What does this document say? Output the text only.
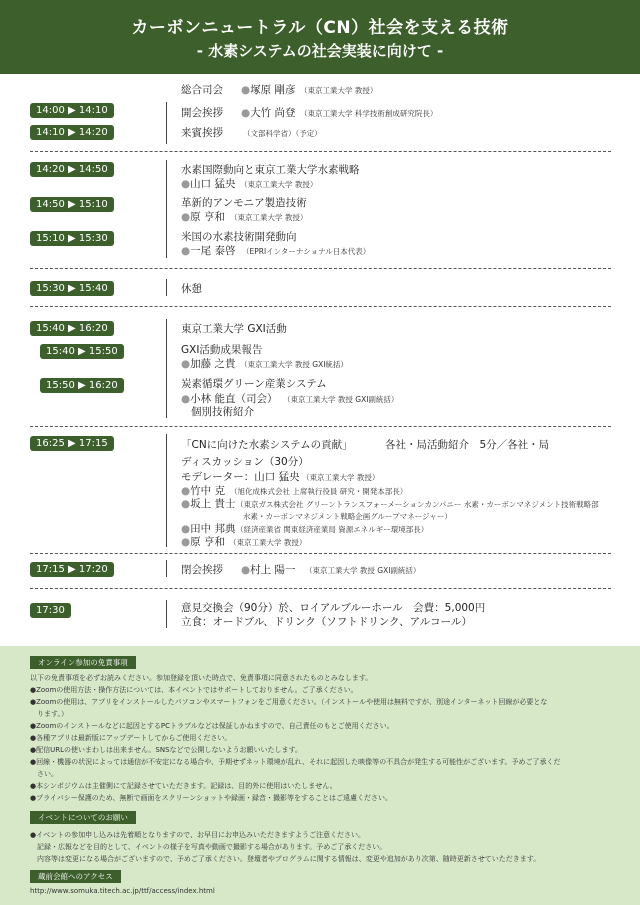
カーボンニュートラル（CN）社会を支える技術
- 水素システムの社会実装に向けて -
総合司会 ●塚原 剛彦 （東京工業大学 教授）
14:00 ▶ 14:10	開会挨拶 ●大竹 尚登 （東京工業大学 科学技術創成研究院長）
14:10 ▶ 14:20	来賓挨拶	（文部科学省）（予定）
14:20 ▶ 14:50	水素国際動向と東京工業大学水素戦略
●山口 猛央 （東京工業大学 教授）
14:50 ▶ 15:10	革新的アンモニア製造技術
●原 亨和 （東京工業大学 教授）
15:10 ▶ 15:30	米国の水素技術開発動向
●一尾 泰啓 （EPRIインターナショナル日本代表）
15:30 ▶ 15:40	休憩
15:40 ▶ 16:20	東京工業大学 GXI活動
15:40 ▶ 15:50	GXI活動成果報告
●加藤 之貴 （東京工業大学 教授 GXI統括）
15:50 ▶ 16:20	炭素循環グリーン産業システム
●小林 能直（司会） （東京工業大学 教授 GXI副統括）
個別技術紹介
16:25 ▶ 17:15	「CNに向けた水素システムの貢献」	各社・局活動紹介　5分／各社・局
ディスカッション（30分）
モデレーター：山口 猛央 （東京工業大学 教授）
●竹中 克 （旭化成株式会社 上席執行役員 研究・開発本部長）
●坂上 貴士 （東京ガス株式会社 グリーントランスフォーメーションカンパニー 水素・カーボンマネジメント技術戦略部
水素・カーボンマネジメント戦略企画グループマネージャー）
●田中 邦典 （経済産業省 関東経済産業局 資源エネルギー環境部長）
●原 亨和 （東京工業大学 教授）
17:15 ▶ 17:20	閉会挨拶 ●村上 陽一 （東京工業大学 教授 GXI副統括）
17:30	意見交換会（90分）於、ロイアルブルーホール　会費：5,000円
立食：オードブル、ドリンク（ソフトドリンク、アルコール）
オンライン参加の免責事項
以下の免責事項を必ずお読みください。参加登録を頂いた時点で、免責事項に同意されたものとみなします。
●Zoomの使用方法・操作方法については、本イベントではサポートしておりません。ご了承ください。
●Zoomの使用は、アプリをインストールしたパソコンやスマートフォンをご用意ください。（インストールや使用は無料ですが、別途インターネット回線が必要とな
　ります。）
●Zoomのインストールなどに起因とするPCトラブルなどは保証しかねますので、自己責任のもとご使用ください。
●各種アプリは最新版にアップデートしてからご使用ください。
●配信URLの使いまわしは出来ません。SNSなどで公開しないようお願いいたします。
●回線・機器の状況によっては通信が不安定になる場合や、予期せずネット環境が乱れ、それに起因した映像等の不具合が発生する可能性がございます。予めご了承くだ
　さい。
●本シンポジウムは主催側にて記録させていただきます。記録は、目的外に使用はいたしません。
●プライバシー保護のため、無断で画面をスクリーンショットや録画・録音・撮影等をすることはご遠慮ください。
イベントについてのお願い
●イベントの参加申し込みは先着順となりますので、お早目にお申込みいただきますようご注意ください。
　記録・広報などを目的として、イベントの様子を写真や動画で撮影する場合があります。予めご了承ください。
　内容等は変更になる場合がございますので、予めご了承ください。登壇者やプログラムに関する情報は、変更や追加があり次第、随時更新させていただきます。
蔵前会館へのアクセス
http://www.somuka.titech.ac.jp/ttf/access/index.html
